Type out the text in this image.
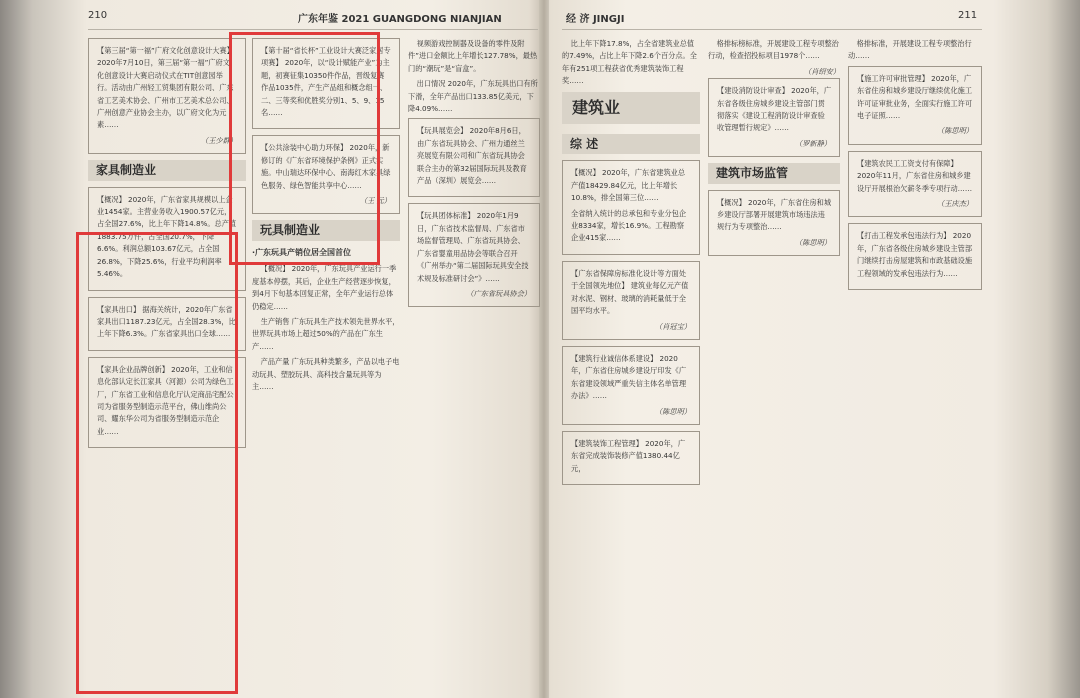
210	广东年鉴 2021 GUANGDONG NIANJIAN

【第三届“第一福”广府文化创意设计大赛】 2020年7月10日，第三届“第一福”广府文化创意设计大赛启动仪式在TIT创意园举行。活动由广州轻工贸集团有限公司、广东省工艺美术协会、广州市工艺美术总公司、广州创意产业协会主办，以广府文化为元素……

（王少群）
家具制造业

【概况】 2020年，广东省家具规模以上企业1454家。主营业务收入1900.57亿元，占全国27.6%，比上年下降14.8%。总产值1883.75万件，占全国20.7%，下降6.6%。利润总额103.67亿元，占全国26.8%，下降25.6%，行业平均利润率5.46%。

【家具出口】 据海关统计，2020年广东省家具出口1187.23亿元，占全国28.3%，比上年下降6.3%。广东省家具出口全球……

【家具企业品牌创新】 2020年，工业和信息化部认定长江家具（河源）公司为绿色工厂，广东省工业和信息化厅认定商品宅配公司为省服务型制造示范平台，佛山维尚公司、耀东华公司为省服务型制造示范企业……

【第十届“省长杯”工业设计大赛泛家居专项赛】 2020年，以“设计赋能产业”为主题，初赛征集10350件作品，晋级复赛作品1035件，产生产品组和概念组一、二、三等奖和优胜奖分别1、5、9、15名……

【公共涂装中心助力环保】 2020年，新修订的《广东省环境保护条例》正式实施。中山瑞达环保中心、南海红木家具绿色服务、绿色智能共享中心……

（王 元）
玩具制造业
·广东玩具产销位居全国首位

【概况】 2020年，广东玩具产业运行一季度基本停摆，其后，企业生产经营逐步恢复，到4月下旬基本回复正常，全年产业运行总体仍稳定……

生产销售 广东玩具生产技术领先世界水平，世界玩具市场上超过50%的产品在广东生产……

产品产量 广东玩具种类繁多，产品以电子电动玩具、塑胶玩具、高科技含量玩具等为主……

视频游戏控制器及设备的零件及附件”进口金额比上年增长127.78%，最热门的“潮玩”是“盲盒”。

出口情况 2020年，广东玩具出口有所下滑，全年产品出口133.85亿美元，下降4.09%……

【玩具展览会】 2020年8月6日，由广东省玩具协会、广州力通丝兰亮展览有限公司和广东省玩具协会联合主办的第32届国际玩具及教育产品（深圳）展览会……

【玩具团体标准】 2020年1月9日，广东省技术监督局、广东省市场监督管理局、广东省玩具协会、广东省婴童用品协会等联合召开《广州举办“第二届国际玩具安全技术规及标准研讨会”》……

（广东省玩具协会）
经 济 JINGJI	211

比上年下降17.8%，占全省建筑业总值的7.49%，占比上年下降2.6个百分点。全年有251项工程获省优秀建筑装饰工程奖……

建筑业
综 述

【概况】 2020年，广东省建筑业总产值18429.84亿元，比上年增长10.8%，排全国第三位……

全省纳入统计的总承包和专业分包企业8334家，增长16.9%。工程勘察企业415家……

【广东省保障房标准化设计等方面处于全国领先地位】 建筑业每亿元产值对水泥、钢材、玻璃的消耗量低于全国平均水平。

（肖冠宝）

【建筑行业诚信体系建设】 2020年，广东省住房城乡建设厅印发《广东省建设领域严重失信主体名单管理办法》……

（陈思明）

【建筑装饰工程管理】 2020年，广东省完成装饰装修产值1380.44亿元，

格排标榜标准，开展建设工程专项整治行动，检查招投标项目1978个……

（肖绍安）

【建设消防设计审查】 2020年，广东省各级住房城乡建设主管部门贯彻落实《建设工程消防设计审查验收管理暂行规定》……

（罗新静）
建筑市场监管

【概况】 2020年，广东省住房和城乡建设厅部署开展建筑市场违法违规行为专项整治……

（陈思明）

格排标准，开展建设工程专项整治行动……

【施工许可审批管理】 2020年，广东省住房和城乡建设厅继续优化施工许可证审批业务，全面实行施工许可电子证照……

（陈思明）

【建筑农民工工资支付有保障】 2020年11月，广东省住房和城乡建设厅开展根治欠薪冬季专项行动……

（王庆杰）

【打击工程发承包违法行为】 2020年，广东省各级住房城乡建设主管部门继续打击房屋建筑和市政基础设施工程领域的发承包违法行为……
